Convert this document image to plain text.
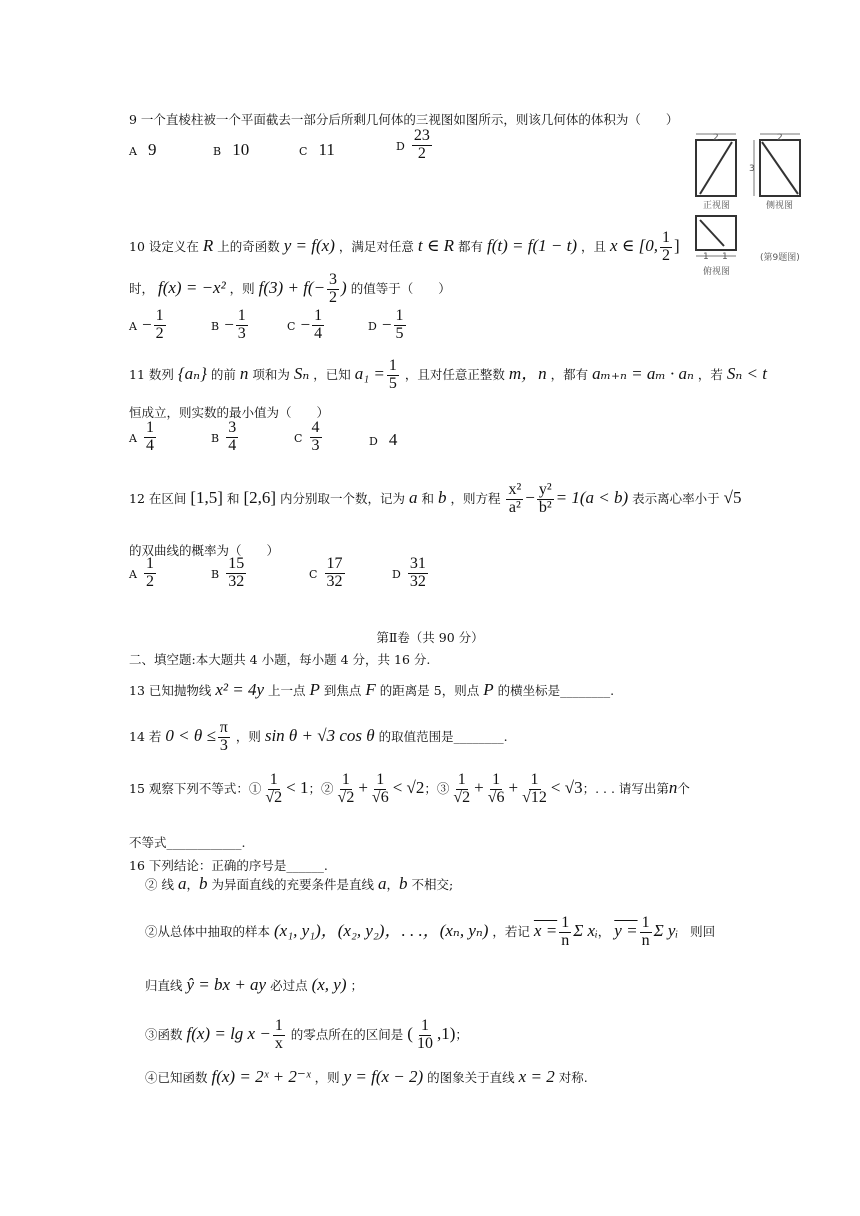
9 一个直棱柱被一个平面截去一部分后所剩几何体的三视图如图所示，则该几何体的体积为（　　）
A 9	B 10	C 11	D $\frac{23}{2}$	2	2
3
1 1
正视图	侧视图
俯视图
(第9题图)
10 设定义在 R 上的奇函数 y = f(x) ，满足对任意 t ∈ R 都有 f(t) = f(1 − t) ，且 x ∈ [0, $\frac{1}{2}$ ]
时， f(x) = −x² ，则 $f(3) + f(- \frac{3}{2}$ ) 的值等于（　　）
$A - \frac{1}{2}$	$B - \frac{1}{3}$	$C - \frac{1}{4}$	$D - \frac{1}{5}$
11 数列 {aₙ} 的前 n 项和为 Sₙ ，已知 $a_1 = \frac{1}{5}$ ，且对任意正整数 m，n ，都有 aₘ₊ₙ = aₘ · aₙ ，若 Sₙ < t
恒成立，则实数的最小值为（　　）
A $\frac{1}{4}$	B $\frac{3}{4}$	C $\frac{4}{3}$	D 4
12 在区间 [1,5] 和 [2,6] 内分别取一个数，记为 a 和 b ，则方程 $\frac{\text{x²}}{\text{a²}} - \frac{\text{y²}}{\text{b²}} = 1(a < b)$ 表示离心率小于 √5
的双曲线的概率为（　　）
A $\frac{1}{2}$	B $\frac{15}{32}$	C $\frac{17}{32}$	D $\frac{31}{32}$
第Ⅱ卷（共 90 分）
二、填空题:本大题共 4 小题，每小题 4 分，共 16 分.
13 已知抛物线 x² = 4y 上一点 P 到焦点 F 的距离是 5，则点 P 的横坐标是________.
14 若 $0 < \theta \le \frac{\pi}{3}$ ，则 sin θ + √3 cos θ 的取值范围是________.
15 观察下列不等式：① $\frac{1}{√2} < 1$；② $\frac{1}{√2} + \frac{1}{√6} < √2$；③ $\frac{1}{√2} + \frac{1}{√6} + \frac{1}{√12} < √3$；. . . 请写出第n个
不等式____________.
16 下列结论：正确的序号是______.
② 线 a，b 为异面直线的充要条件是直线 a，b 不相交;
②从总体中抽取的样本 (x₁, y₁)，(x₂, y₂)，. . .，(xₙ, yₙ) ，若记 $x = \frac{1}{n}$ Σ xᵢ， $y = \frac{1}{n}$ Σ yᵢ 则回
归直线 ŷ = bx + ay 必过点 (x, y) ；
③函数 $f(x) = \lg x - \frac{1}{x}$ 的零点所在的区间是 ( $\frac{1}{10} ,1$)；
④已知函数 f(x) = 2ˣ + 2⁻ˣ ，则 y = f(x − 2) 的图象关于直线 x = 2 对称.
